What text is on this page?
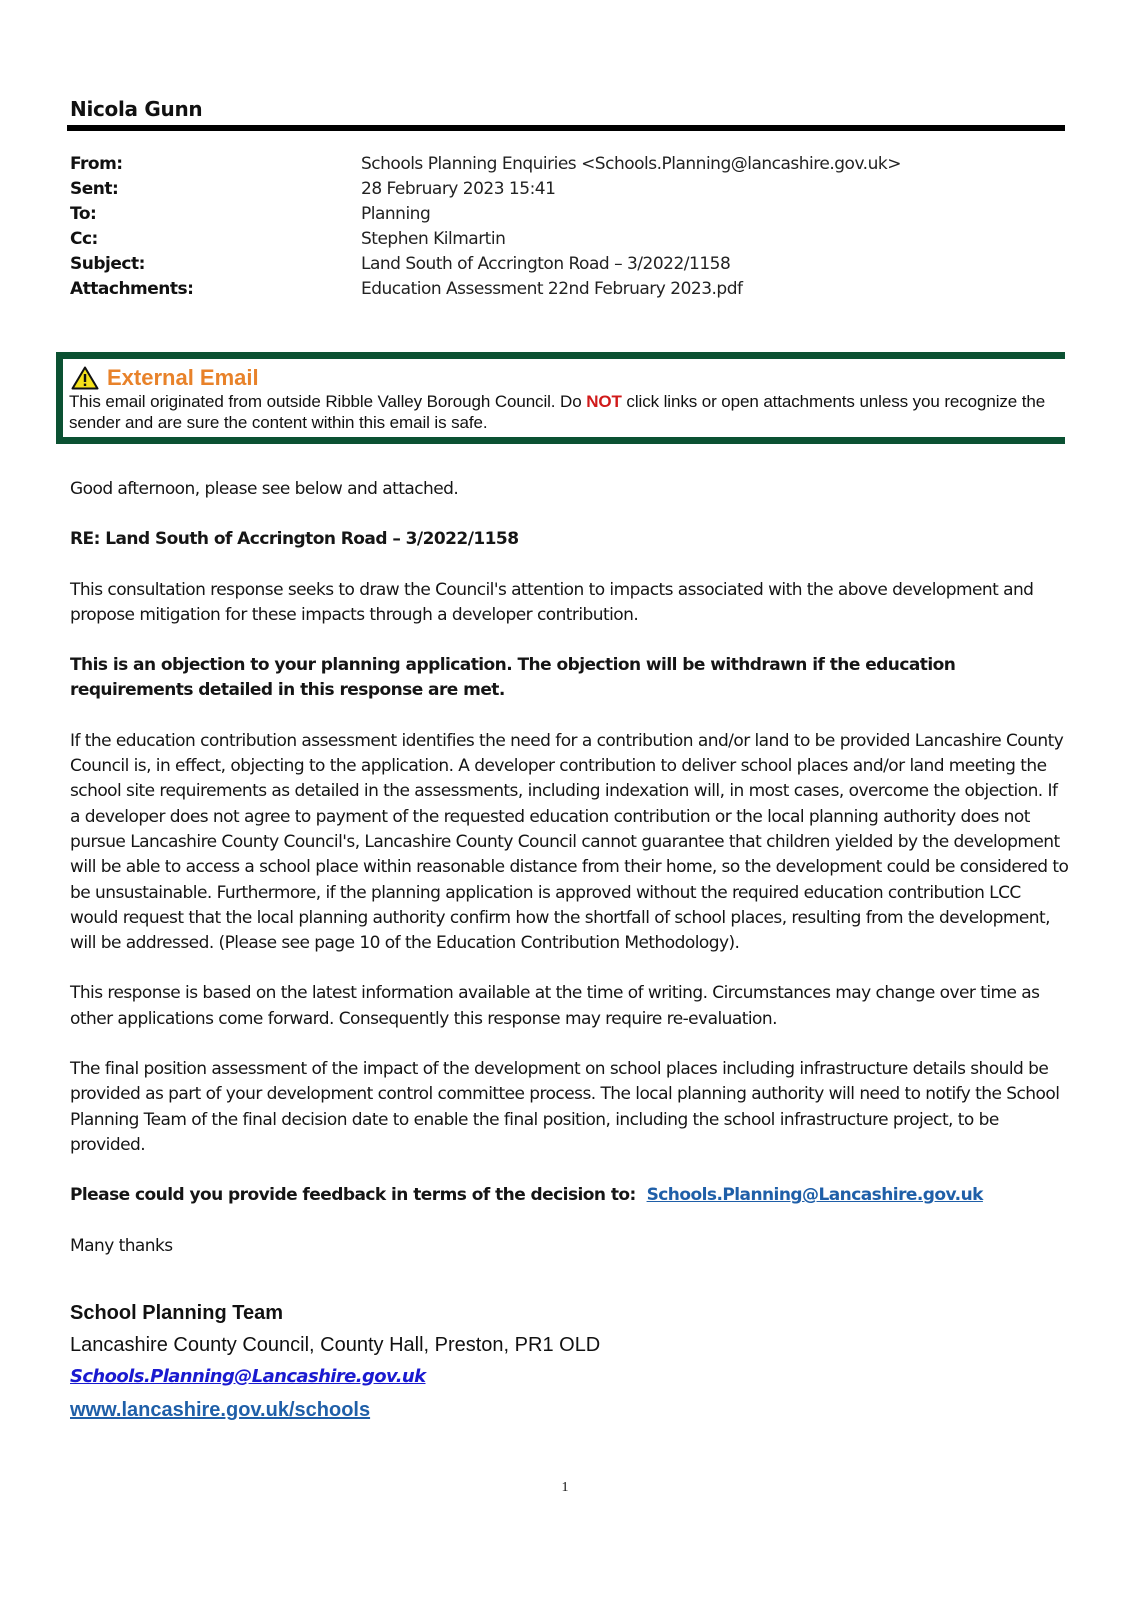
Nicola Gunn
From:	Schools Planning Enquiries <Schools.Planning@lancashire.gov.uk>
Sent:	28 February 2023 15:41
To:	Planning
Cc:	Stephen Kilmartin
Subject:	Land South of Accrington Road – 3/2022/1158
Attachments:	Education Assessment 22nd February 2023.pdf
External Email
This email originated from outside Ribble Valley Borough Council. Do NOT click links or open attachments unless you recognize the sender and are sure the content within this email is safe.

Good afternoon, please see below and attached.

RE: Land South of Accrington Road – 3/2022/1158

This consultation response seeks to draw the Council's attention to impacts associated with the above development and propose mitigation for these impacts through a developer contribution.

This is an objection to your planning application. The objection will be withdrawn if the education requirements detailed in this response are met.

If the education contribution assessment identifies the need for a contribution and/or land to be provided Lancashire County Council is, in effect, objecting to the application. A developer contribution to deliver school places and/or land meeting the school site requirements as detailed in the assessments, including indexation will, in most cases, overcome the objection. If a developer does not agree to payment of the requested education contribution or the local planning authority does not pursue Lancashire County Council's, Lancashire County Council cannot guarantee that children yielded by the development will be able to access a school place within reasonable distance from their home, so the development could be considered to be unsustainable. Furthermore, if the planning application is approved without the required education contribution LCC would request that the local planning authority confirm how the shortfall of school places, resulting from the development, will be addressed. (Please see page 10 of the Education Contribution Methodology).

This response is based on the latest information available at the time of writing. Circumstances may change over time as other applications come forward. Consequently this response may require re-evaluation.

The final position assessment of the impact of the development on school places including infrastructure details should be provided as part of your development control committee process. The local planning authority will need to notify the School Planning Team of the final decision date to enable the final position, including the school infrastructure project, to be provided.

Please could you provide feedback in terms of the decision to: Schools.Planning@Lancashire.gov.uk

Many thanks

School Planning Team
Lancashire County Council, County Hall, Preston, PR1 OLD
Schools.Planning@Lancashire.gov.uk
www.lancashire.gov.uk/schools
1
